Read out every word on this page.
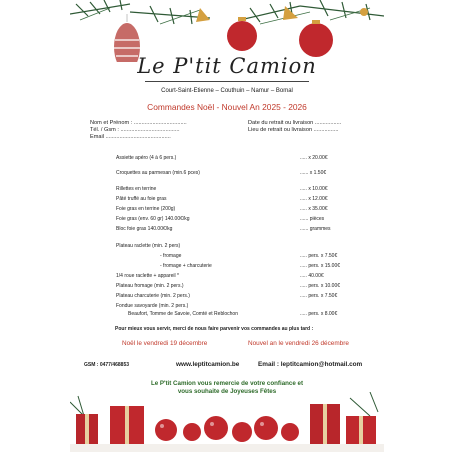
Le P'tit Camion
Court-Saint-Etienne – Couthuin – Namur – Bomal
Commandes Noël - Nouvel An 2025 - 2026
Nom et Prénom : ..................................
Tél. / Gsm : ......................................
Email ..........................................
Date du retrait ou livraison .................
Lieu de retrait ou livraison ................
Assiette apéro (4 à 6 pers.)	..... x 20.00€
Croquettes au parmesan (min.6 pces)	...... x 1.50€
Rillettes en terrine	..... x 10.00€
Pâté truffé au foie gras	..... x 12.00€
Foie gras en terrine (200g)	..... x 35.00€
Foie gras (env. 60 gr) 140.00€/kg	...... pièces
Bloc foie gras 140.00€/kg	...... grammes
Plateau raclette (min. 2 pers)
- fromage	..... pers. x 7.50€
- fromage + charcuterie	..... pers. x 15.00€
1/4 roue raclette + appareil *	..... 40.00€
Plateau fromage (min. 2 pers.)	..... pers. x 10.00€
Plateau charcuterie (min. 2 pers.)	..... pers. x 7.50€
Fondue savoyarde (min. 2 pers.)
Beaufort, Tomme de Savoie, Comté et Reblochon	..... pers. x 8.00€
Pour mieux vous servir, merci de nous faire parvenir vos commandes au plus tard :
Noël le vendredi 19 décembre	Nouvel an le vendredi 26 décembre
GSM : 0477/468853	www.leptitcamion.be	Email : leptitcamion@hotmail.com
Le P'tit Camion vous remercie de votre confiance et
vous souhaite de Joyeuses Fêtes
